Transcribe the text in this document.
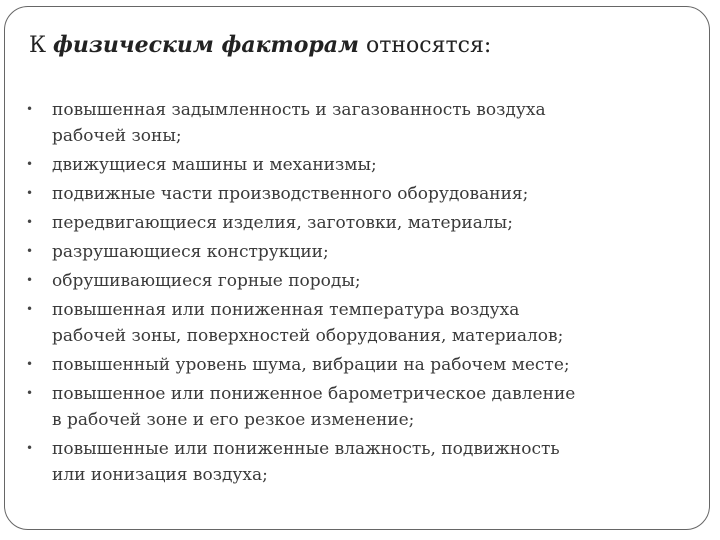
К физическим факторам относятся:
•	повышенная задымленность и загазованность воздуха
рабочей зоны;
•	движущиеся машины и механизмы;
•	подвижные части производственного оборудования;
•	передвигающиеся изделия, заготовки, материалы;
•	разрушающиеся конструкции;
•	обрушивающиеся горные породы;
•	повышенная или пониженная температура воздуха
рабочей зоны, поверхностей оборудования, материалов;
•	повышенный уровень шума, вибрации на рабочем месте;
•	повышенное или пониженное барометрическое давление
в рабочей зоне и его резкое изменение;
•	повышенные или пониженные влажность, подвижность
или ионизация воздуха;
